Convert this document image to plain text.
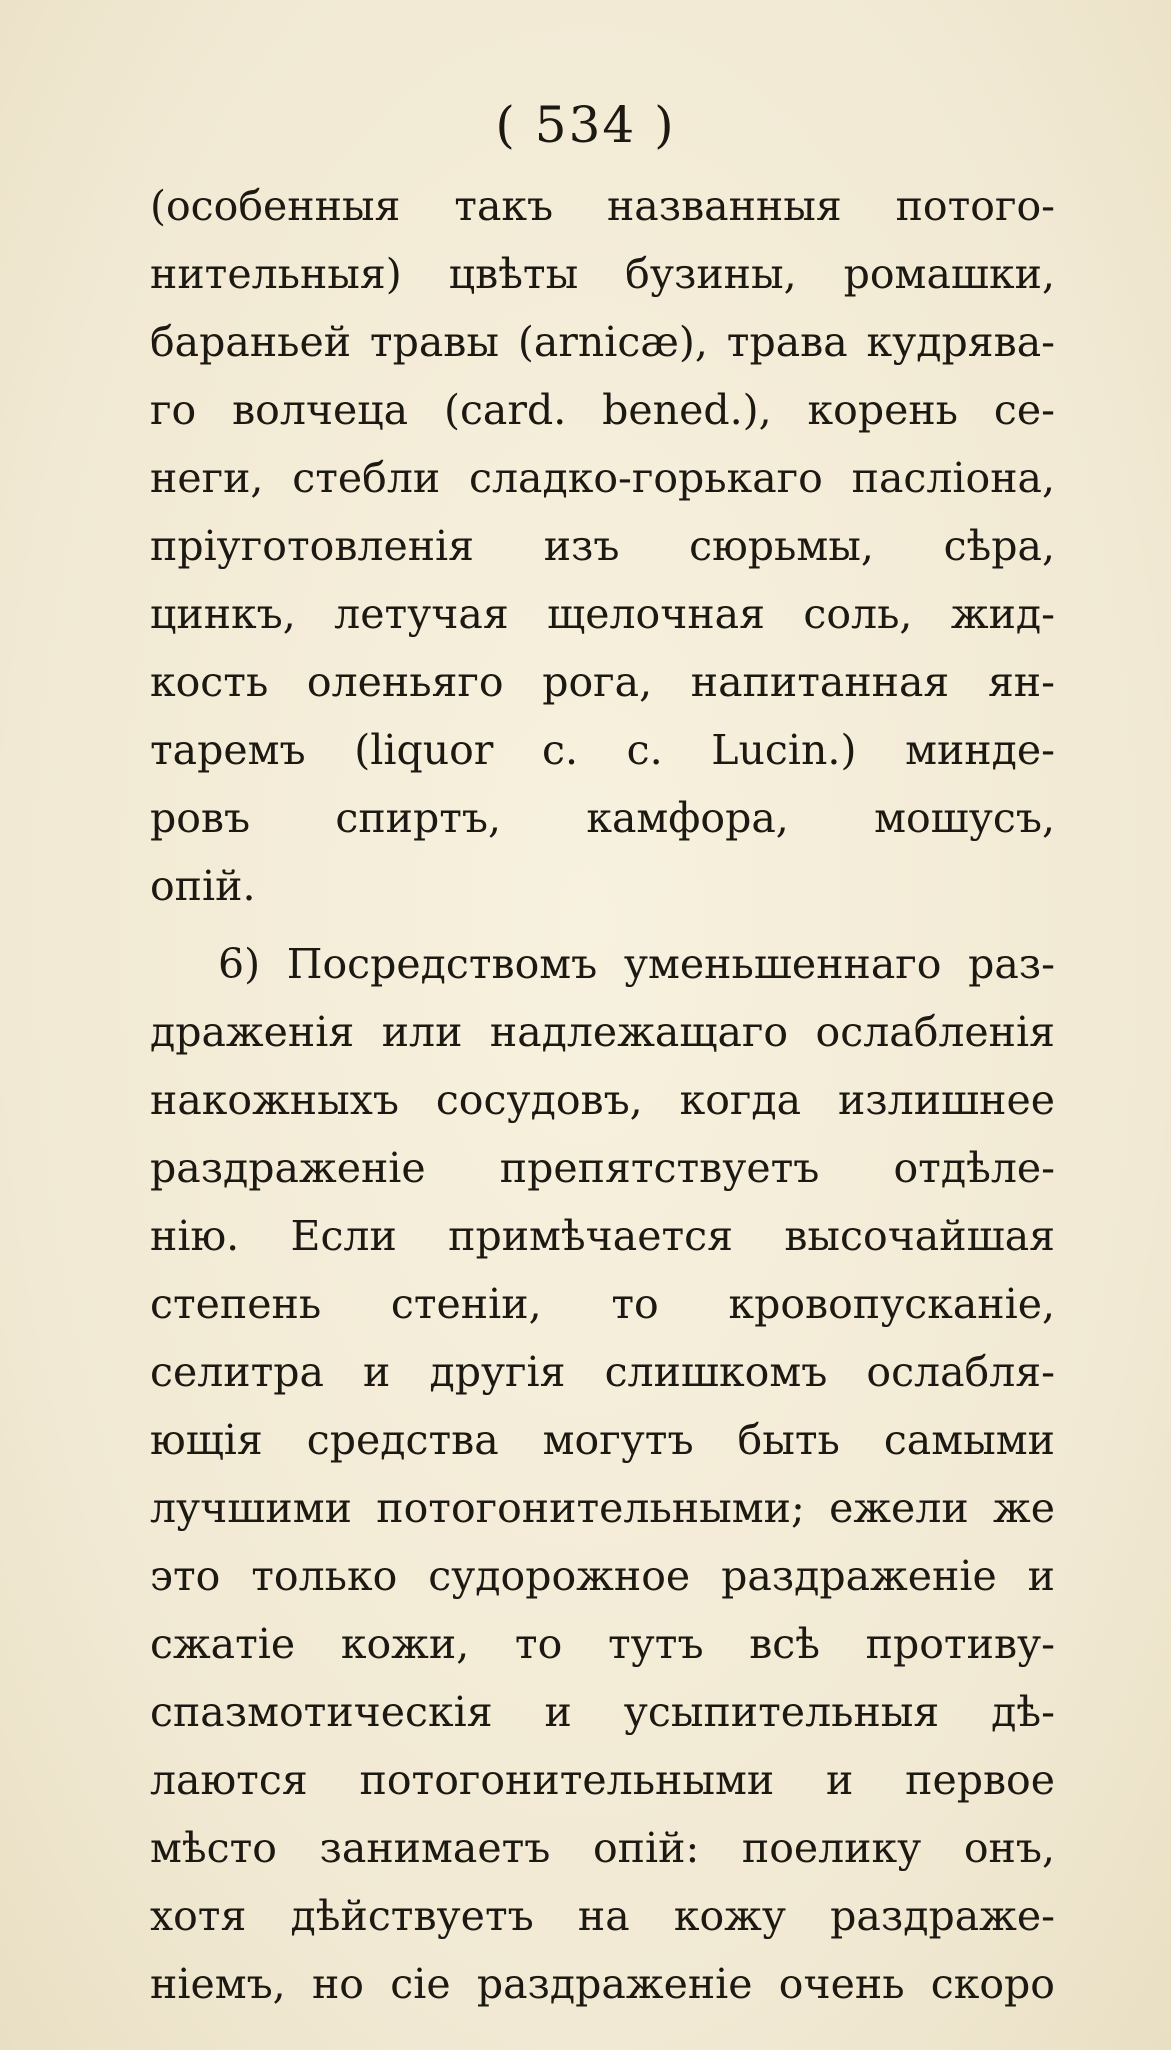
( 534 )
(особенныя такъ названныя потого-
нительныя) цвѣты бузины, ромашки,
бараньей травы (arnicæ), трава кудрява-
го волчеца (card. bened.), корень се-
неги, стебли сладко-горькаго пасліона,
пріуготовленія изъ сюрьмы, сѣра,
цинкъ, летучая щелочная соль, жид-
кость оленьяго рога, напитанная ян-
таремъ (liquor c. c. Lucin.) минде-
ровъ спиртъ, камфора, мошусъ,
опій.
6) Посредствомъ уменьшеннаго раз-
драженія или надлежащаго ослабленія
накожныхъ сосудовъ, когда излишнее
раздраженіе препятствуетъ отдѣле-
нію. Если примѣчается высочайшая
степень стеніи, то кровопусканіе,
селитра и другія слишкомъ ослабля-
ющія средства могутъ быть самыми
лучшими потогонительными; ежели же
это только судорожное раздраженіе и
сжатіе кожи, то тутъ всѣ противу-
спазмотическія и усыпительныя дѣ-
лаются потогонительными и первое
мѣсто занимаетъ опій: поелику онъ,
хотя дѣйствуетъ на кожу раздраже-
ніемъ, но сіе раздраженіе очень скоро
